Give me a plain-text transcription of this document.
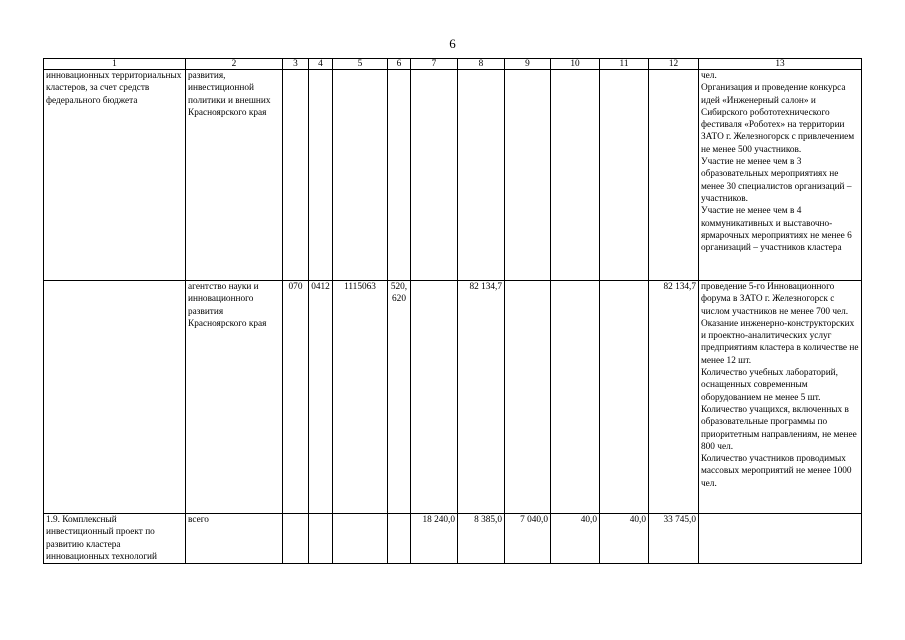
6
1	2	3	4	5	6	7	8	9	10	11	12	13
инновационных территориальных кластеров, за счет средств федерального бюджета	развития, инвестиционной политики и внешних Красноярского края											чел.
Организация и проведение конкурса идей «Инженерный салон» и Сибирского робототехнического фестиваля «Роботех» на территории ЗАТО г. Железногорск с привлечением не менее 500 участников.
Участие не менее чем в 3 образовательных мероприятиях не менее 30 специалистов организаций – участников.
Участие не менее чем в 4 коммуникативных и выставочно-ярмарочных мероприятиях не менее 6 организаций – участников кластера
	агентство науки и инновационного развития Красноярского края	070	0412	1115063	520, 620		82 134,7				82 134,7	проведение 5-го Инновационного форума в ЗАТО г. Железногорск с числом участников не менее 700 чел.
Оказание инженерно-конструкторских и проектно-аналитических услуг предприятиям кластера в количестве не менее 12 шт.
Количество учебных лабораторий, оснащенных современным оборудованием не менее 5 шт.
Количество учащихся, включенных в образовательные программы по приоритетным направлениям, не менее 800 чел.
Количество участников проводимых массовых мероприятий не менее 1000 чел.
1.9. Комплексный инвестиционный проект по развитию кластера инновационных технологий	всего					18 240,0	8 385,0	7 040,0	40,0	40,0	33 745,0	
